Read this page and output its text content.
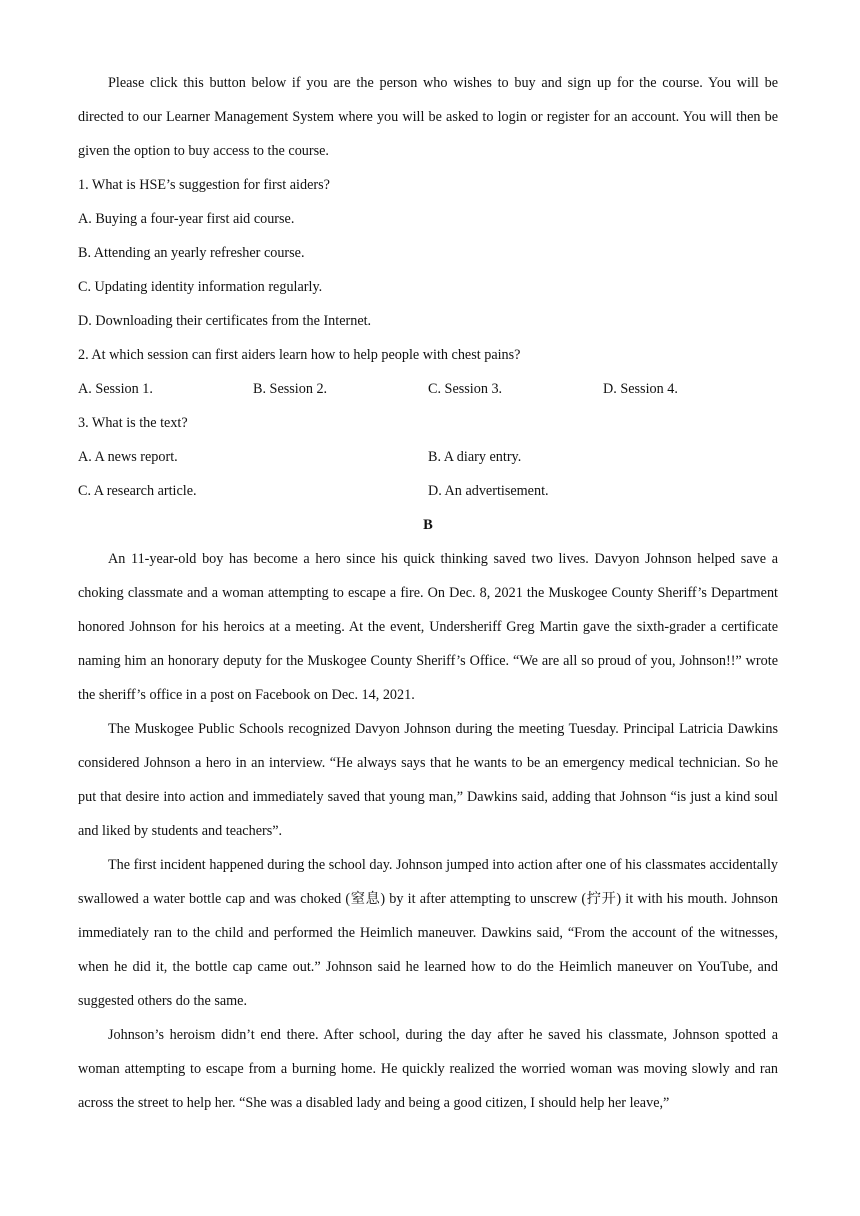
Please click this button below if you are the person who wishes to buy and sign up for the course. You will be directed to our Learner Management System where you will be asked to login or register for an account. You will then be given the option to buy access to the course.

1. What is HSE’s suggestion for first aiders?

A. Buying a four-year first aid course.

B. Attending an yearly refresher course.

C. Updating identity information regularly.

D. Downloading their certificates from the Internet.

2. At which session can first aiders learn how to help people with chest pains?

A. Session 1.	B. Session 2.	C. Session 3.	D. Session 4.

3. What is the text?

A. A news report.	B. A diary entry.
C. A research article.	D. An advertisement.
B

An 11-year-old boy has become a hero since his quick thinking saved two lives. Davyon Johnson helped save a choking classmate and a woman attempting to escape a fire. On Dec. 8, 2021 the Muskogee County Sheriff’s Department honored Johnson for his heroics at a meeting. At the event, Undersheriff Greg Martin gave the sixth-grader a certificate naming him an honorary deputy for the Muskogee County Sheriff’s Office. “We are all so proud of you, Johnson!!” wrote the sheriff’s office in a post on Facebook on Dec. 14, 2021.

The Muskogee Public Schools recognized Davyon Johnson during the meeting Tuesday. Principal Latricia Dawkins considered Johnson a hero in an interview. “He always says that he wants to be an emergency medical technician. So he put that desire into action and immediately saved that young man,” Dawkins said, adding that Johnson “is just a kind soul and liked by students and teachers”.

The first incident happened during the school day. Johnson jumped into action after one of his classmates accidentally swallowed a water bottle cap and was choked (窒息) by it after attempting to unscrew (拧开) it with his mouth. Johnson immediately ran to the child and performed the Heimlich maneuver. Dawkins said, “From the account of the witnesses, when he did it, the bottle cap came out.” Johnson said he learned how to do the Heimlich maneuver on YouTube, and suggested others do the same.

Johnson’s heroism didn’t end there. After school, during the day after he saved his classmate, Johnson spotted a woman attempting to escape from a burning home. He quickly realized the worried woman was moving slowly and ran across the street to help her. “She was a disabled lady and being a good citizen, I should help her leave,”
